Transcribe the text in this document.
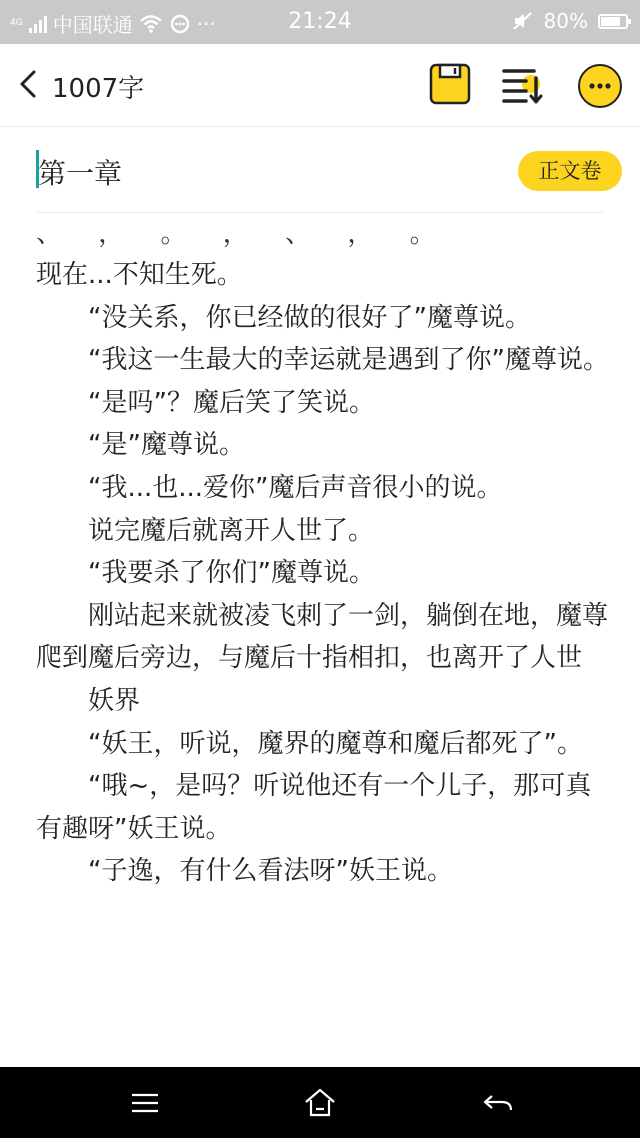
4G 中国联通	···	21:24	80%
1007字
第一章	正文卷
、 ， 。 ， 、 ， 。

现在...不知生死。

“没关系，你已经做的很好了”魔尊说。

“我这一生最大的幸运就是遇到了你”魔尊说。

“是吗”？魔后笑了笑说。

“是”魔尊说。

“我...也...爱你”魔后声音很小的说。

说完魔后就离开人世了。

“我要杀了你们”魔尊说。

刚站起来就被凌飞刺了一剑，躺倒在地，魔尊爬到魔后旁边，与魔后十指相扣，也离开了人世

妖界

“妖王，听说，魔界的魔尊和魔后都死了”。

“哦~，是吗？听说他还有一个儿子，那可真有趣呀”妖王说。

“子逸，有什么看法呀”妖王说。
